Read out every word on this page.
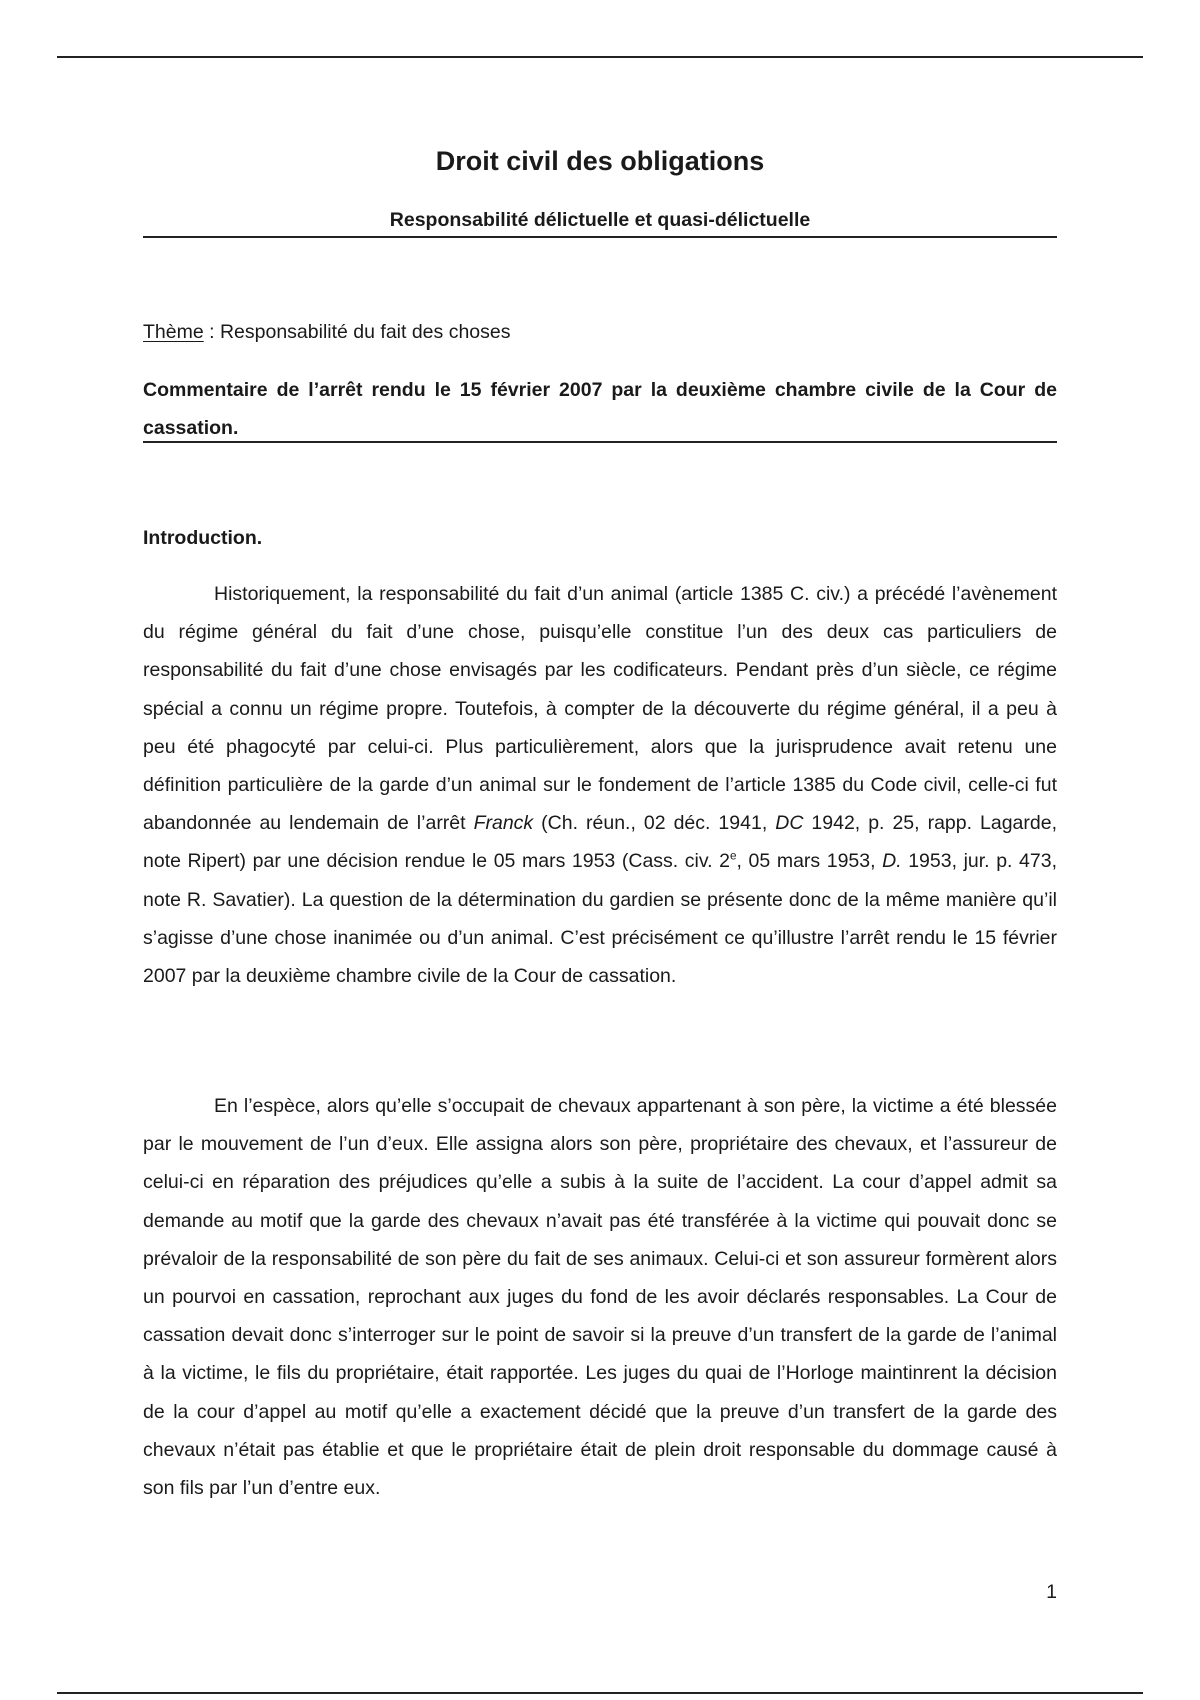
Droit civil des obligations
Responsabilité délictuelle et quasi-délictuelle

Thème : Responsabilité du fait des choses

Commentaire de l’arrêt rendu le 15 février 2007 par la deuxième chambre civile de la Cour de cassation.

Introduction.

Historiquement, la responsabilité du fait d’un animal (article 1385 C. civ.) a précédé l’avènement du régime général du fait d’une chose, puisqu’elle constitue l’un des deux cas particuliers de responsabilité du fait d’une chose envisagés par les codificateurs. Pendant près d’un siècle, ce régime spécial a connu un régime propre. Toutefois, à compter de la découverte du régime général, il a peu à peu été phagocyté par celui-ci. Plus particulièrement, alors que la jurisprudence avait retenu une définition particulière de la garde d’un animal sur le fondement de l’article 1385 du Code civil, celle-ci fut abandonnée au lendemain de l’arrêt Franck (Ch. réun., 02 déc. 1941, DC 1942, p. 25, rapp. Lagarde, note Ripert) par une décision rendue le 05 mars 1953 (Cass. civ. 2e, 05 mars 1953, D. 1953, jur. p. 473, note R. Savatier). La question de la détermination du gardien se présente donc de la même manière qu’il s’agisse d’une chose inanimée ou d’un animal. C’est précisément ce qu’illustre l’arrêt rendu le 15 février 2007 par la deuxième chambre civile de la Cour de cassation.

En l’espèce, alors qu’elle s’occupait de chevaux appartenant à son père, la victime a été blessée par le mouvement de l’un d’eux. Elle assigna alors son père, propriétaire des chevaux, et l’assureur de celui-ci en réparation des préjudices qu’elle a subis à la suite de l’accident. La cour d’appel admit sa demande au motif que la garde des chevaux n’avait pas été transférée à la victime qui pouvait donc se prévaloir de la responsabilité de son père du fait de ses animaux. Celui-ci et son assureur formèrent alors un pourvoi en cassation, reprochant aux juges du fond de les avoir déclarés responsables. La Cour de cassation devait donc s’interroger sur le point de savoir si la preuve d’un transfert de la garde de l’animal à la victime, le fils du propriétaire, était rapportée. Les juges du quai de l’Horloge maintinrent la décision de la cour d’appel au motif qu’elle a exactement décidé que la preuve d’un transfert de la garde des chevaux n’était pas établie et que le propriétaire était de plein droit responsable du dommage causé à son fils par l’un d’entre eux.

1
